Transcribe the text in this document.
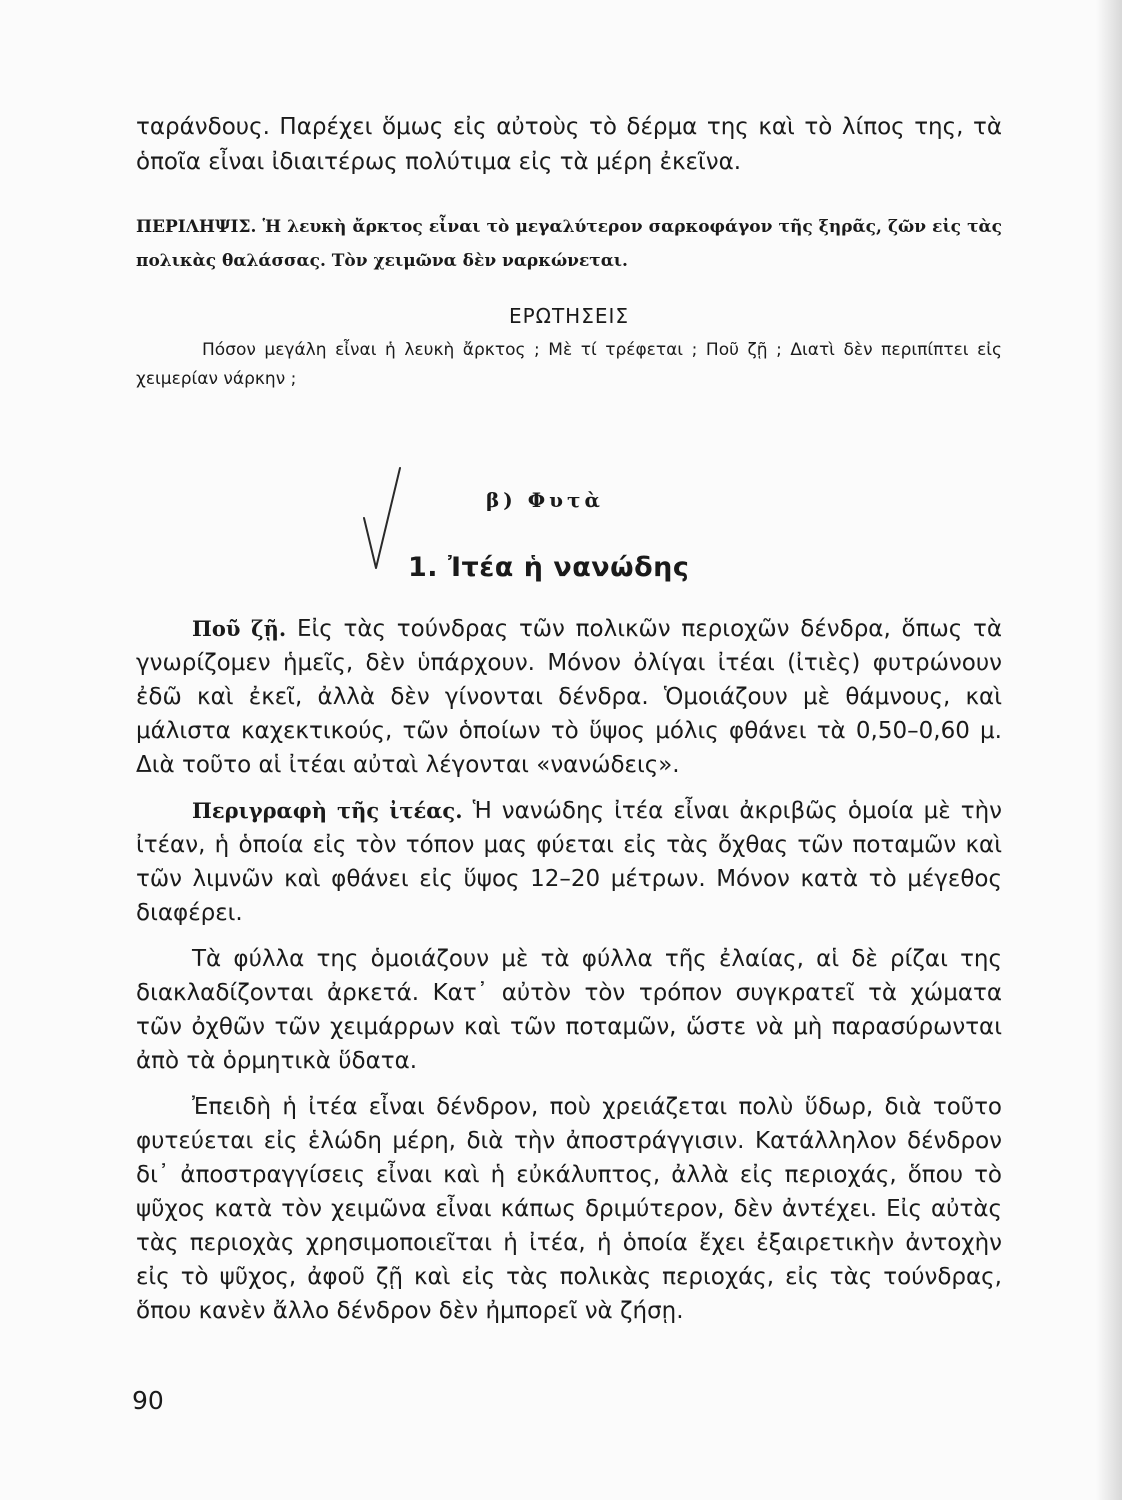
ταράνδους. Παρέχει ὅμως εἰς αὐτοὺς τὸ δέρμα της καὶ τὸ λίπος της, τὰ ὁποῖα εἶναι ἰδιαιτέρως πολύτιμα εἰς τὰ μέρη ἐκεῖνα.

ΠΕΡΙΛΗΨΙΣ. Ἡ λευκὴ ἄρκτος εἶναι τὸ μεγαλύτερον σαρκοφάγον τῆς ξηρᾶς, ζῶν εἰς τὰς πολικὰς θαλάσσας. Τὸν χειμῶνα δὲν ναρκώνεται.
ΕΡΩΤΗΣΕΙΣ
Πόσον μεγάλη εἶναι ἡ λευκὴ ἄρκτος ; Μὲ τί τρέφεται ; Ποῦ ζῇ ; Διατὶ δὲν περιπίπτει εἰς χειμερίαν νάρκην ;
β) Φυτὰ
1. Ἰτέα ἡ νανώδης

Ποῦ ζῇ. Εἰς τὰς τούνδρας τῶν πολικῶν περιοχῶν δένδρα, ὅπως τὰ γνωρίζομεν ἡμεῖς, δὲν ὑπάρχουν. Μόνον ὀλίγαι ἰτέαι (ἰτιὲς) φυτρώνουν ἐδῶ καὶ ἐκεῖ, ἀλλὰ δὲν γίνονται δένδρα. Ὁμοιάζουν μὲ θάμνους, καὶ μάλιστα καχεκτικούς, τῶν ὁποίων τὸ ὕψος μόλις φθάνει τὰ 0,50–0,60 μ. Διὰ τοῦτο αἱ ἰτέαι αὐταὶ λέγονται «νανώδεις».

Περιγραφὴ τῆς ἰτέας. Ἡ νανώδης ἰτέα εἶναι ἀκριβῶς ὁμοία μὲ τὴν ἰτέαν, ἡ ὁποία εἰς τὸν τόπον μας φύεται εἰς τὰς ὄχθας τῶν ποταμῶν καὶ τῶν λιμνῶν καὶ φθάνει εἰς ὕψος 12–20 μέτρων. Μόνον κατὰ τὸ μέγεθος διαφέρει.

Τὰ φύλλα της ὁμοιάζουν μὲ τὰ φύλλα τῆς ἐλαίας, αἱ δὲ ρίζαι της διακλαδίζονται ἀρκετά. Κατ᾿ αὐτὸν τὸν τρόπον συγκρατεῖ τὰ χώματα τῶν ὀχθῶν τῶν χειμάρρων καὶ τῶν ποταμῶν, ὥστε νὰ μὴ παρασύρωνται ἀπὸ τὰ ὁρμητικὰ ὕδατα.

Ἐπειδὴ ἡ ἰτέα εἶναι δένδρον, ποὺ χρειάζεται πολὺ ὕδωρ, διὰ τοῦτο φυτεύεται εἰς ἑλώδη μέρη, διὰ τὴν ἀποστράγγισιν. Κατάλληλον δένδρον δι᾿ ἀποστραγγίσεις εἶναι καὶ ἡ εὐκάλυπτος, ἀλλὰ εἰς περιοχάς, ὅπου τὸ ψῦχος κατὰ τὸν χειμῶνα εἶναι κάπως δριμύτερον, δὲν ἀντέχει. Εἰς αὐτὰς τὰς περιοχὰς χρησιμοποιεῖται ἡ ἰτέα, ἡ ὁποία ἔχει ἐξαιρετικὴν ἀντοχὴν εἰς τὸ ψῦχος, ἀφοῦ ζῇ καὶ εἰς τὰς πολικὰς περιοχάς, εἰς τὰς τούνδρας, ὅπου κανὲν ἄλλο δένδρον δὲν ἠμπορεῖ νὰ ζήσῃ.

90
